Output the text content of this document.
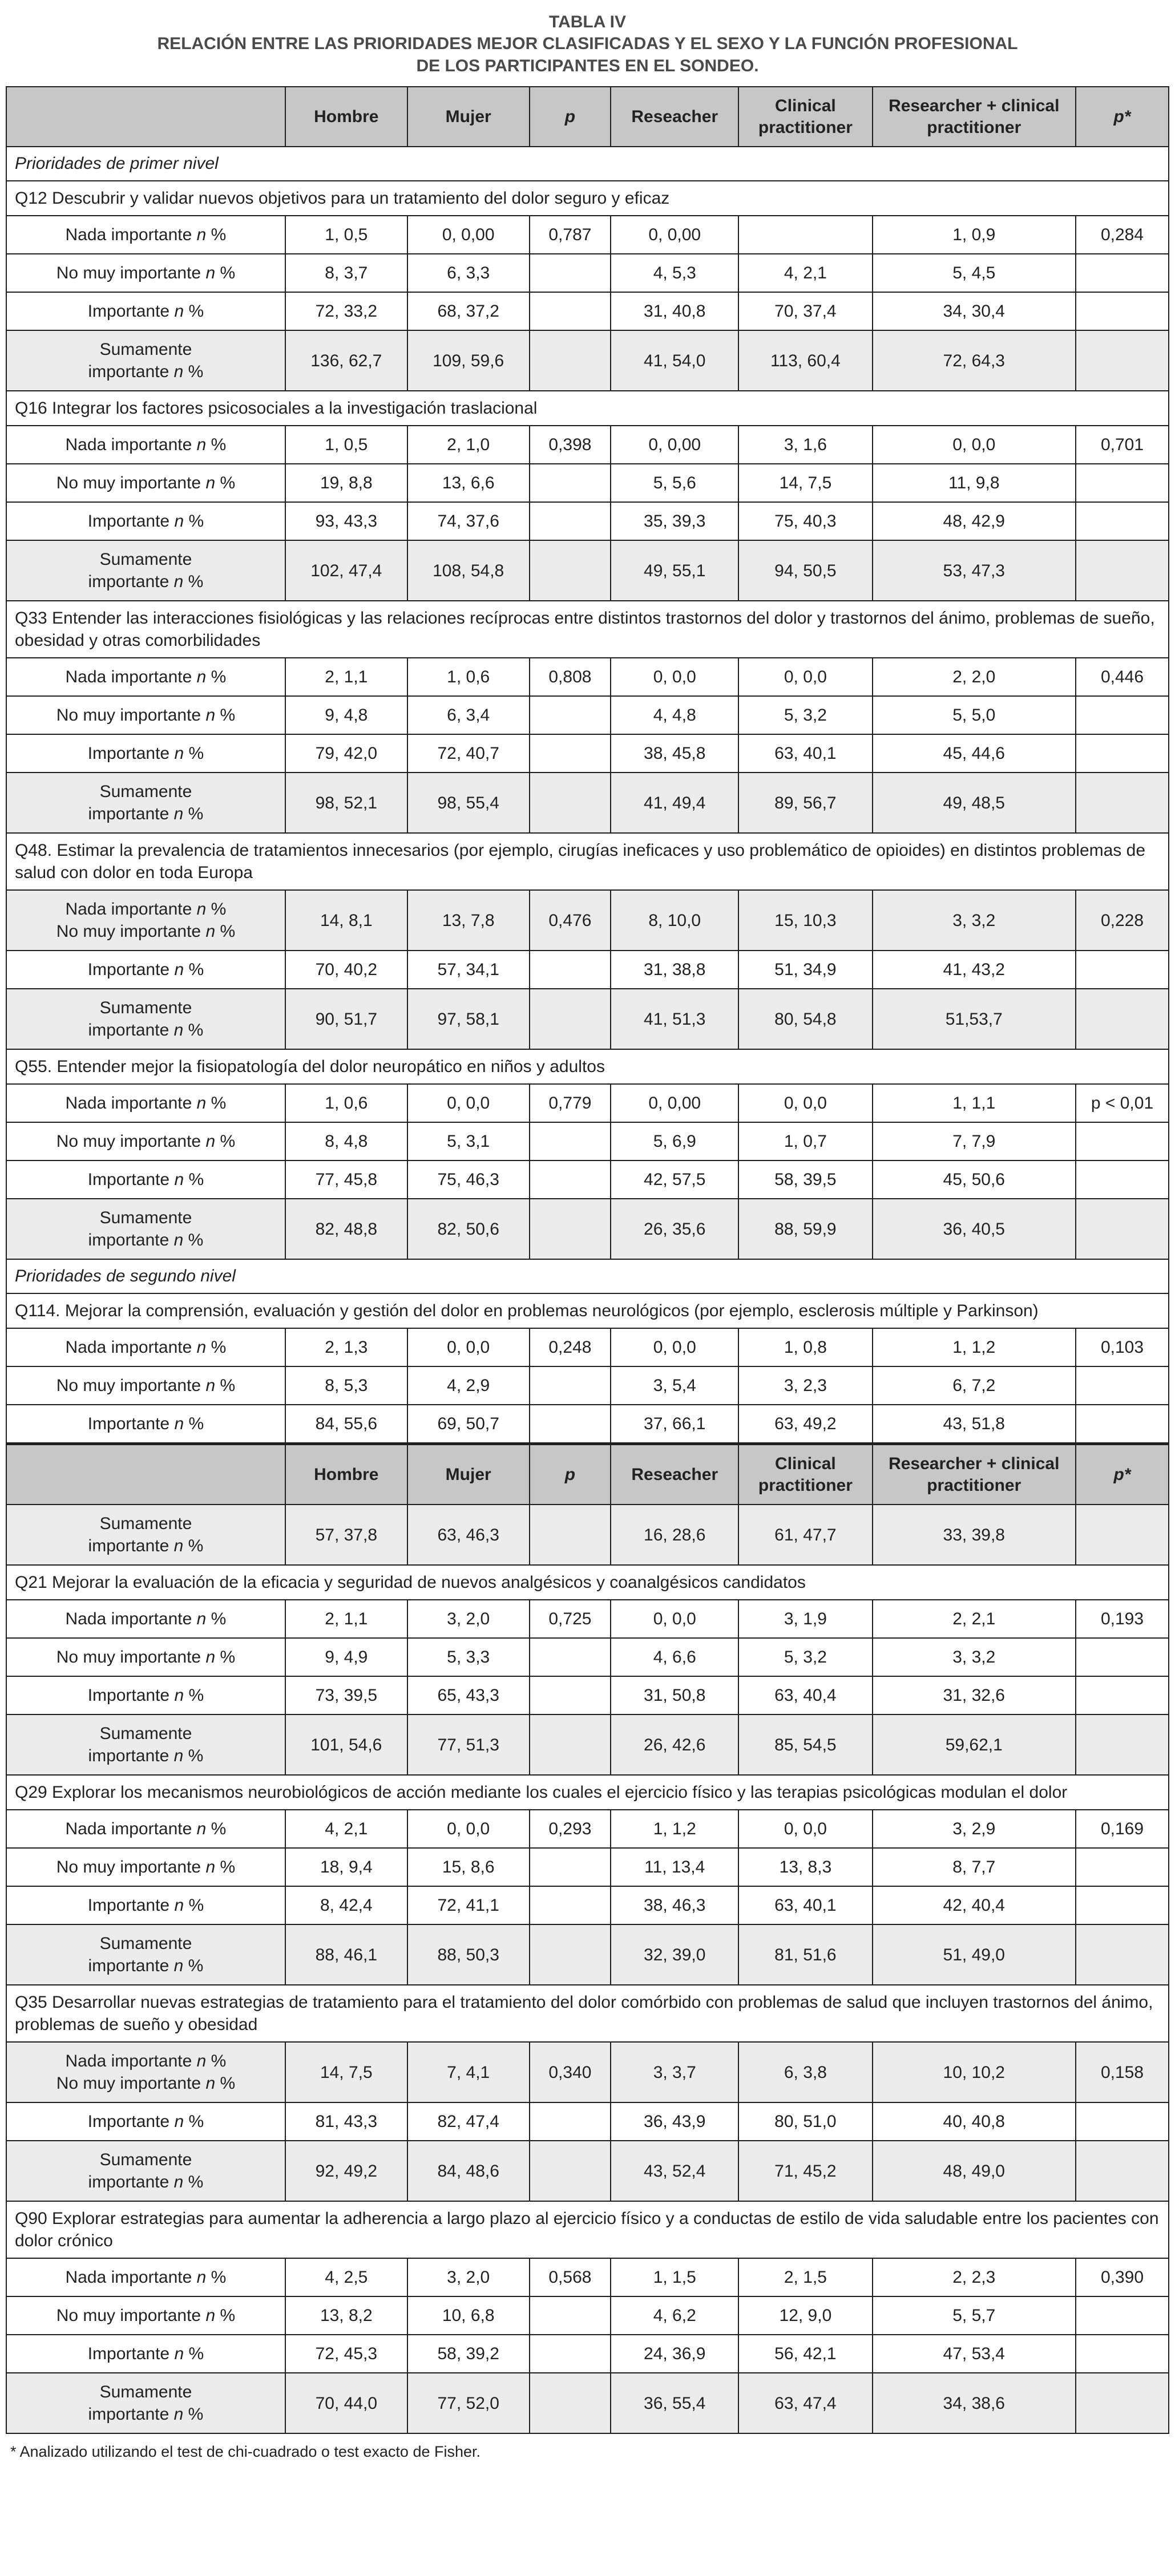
TABLA IV
RELACIÓN ENTRE LAS PRIORIDADES MEJOR CLASIFICADAS Y EL SEXO Y LA FUNCIÓN PROFESIONAL
DE LOS PARTICIPANTES EN EL SONDEO.
	Hombre	Mujer	p	Reseacher	Clinical practitioner	Researcher + clinical practitioner	p*
Prioridades de primer nivel							
Q12 Descubrir y validar nuevos objetivos para un tratamiento del dolor seguro y eficaz							
Nada importante n %	1, 0,5	0, 0,00	0,787	0, 0,00		1, 0,9	0,284
No muy importante n %	8, 3,7	6, 3,3		4, 5,3	4, 2,1	5, 4,5	
Importante n %	72, 33,2	68, 37,2		31, 40,8	70, 37,4	34, 30,4	
Sumamente
importante n %	136, 62,7	109, 59,6		41, 54,0	113, 60,4	72, 64,3	
Q16 Integrar los factores psicosociales a la investigación traslacional							
Nada importante n %	1, 0,5	2, 1,0	0,398	0, 0,00	3, 1,6	0, 0,0	0,701
No muy importante n %	19, 8,8	13, 6,6		5, 5,6	14, 7,5	11, 9,8	
Importante n %	93, 43,3	74, 37,6		35, 39,3	75, 40,3	48, 42,9	
Sumamente
importante n %	102, 47,4	108, 54,8		49, 55,1	94, 50,5	53, 47,3	
Q33 Entender las interacciones fisiológicas y las relaciones recíprocas entre distintos trastornos del dolor y trastornos del ánimo, problemas de sueño, obesidad y otras comorbilidades							
Nada importante n %	2, 1,1	1, 0,6	0,808	0, 0,0	0, 0,0	2, 2,0	0,446
No muy importante n %	9, 4,8	6, 3,4		4, 4,8	5, 3,2	5, 5,0	
Importante n %	79, 42,0	72, 40,7		38, 45,8	63, 40,1	45, 44,6	
Sumamente
importante n %	98, 52,1	98, 55,4		41, 49,4	89, 56,7	49, 48,5	
Q48. Estimar la prevalencia de tratamientos innecesarios (por ejemplo, cirugías ineficaces y uso problemático de opioides) en distintos problemas de salud con dolor en toda Europa							
Nada importante n %
No muy importante n %	14, 8,1	13, 7,8	0,476	8, 10,0	15, 10,3	3, 3,2	0,228
Importante n %	70, 40,2	57, 34,1		31, 38,8	51, 34,9	41, 43,2	
Sumamente
importante n %	90, 51,7	97, 58,1		41, 51,3	80, 54,8	51,53,7	
Q55. Entender mejor la fisiopatología del dolor neuropático en niños y adultos							
Nada importante n %	1, 0,6	0, 0,0	0,779	0, 0,00	0, 0,0	1, 1,1	p < 0,01
No muy importante n %	8, 4,8	5, 3,1		5, 6,9	1, 0,7	7, 7,9	
Importante n %	77, 45,8	75, 46,3		42, 57,5	58, 39,5	45, 50,6	
Sumamente
importante n %	82, 48,8	82, 50,6		26, 35,6	88, 59,9	36, 40,5	
Prioridades de segundo nivel							
Q114. Mejorar la comprensión, evaluación y gestión del dolor en problemas neurológicos (por ejemplo, esclerosis múltiple y Parkinson)							
Nada importante n %	2, 1,3	0, 0,0	0,248	0, 0,0	1, 0,8	1, 1,2	0,103
No muy importante n %	8, 5,3	4, 2,9		3, 5,4	3, 2,3	6, 7,2	
Importante n %	84, 55,6	69, 50,7		37, 66,1	63, 49,2	43, 51,8	
	Hombre	Mujer	p	Reseacher	Clinical practitioner	Researcher + clinical practitioner	p*
Sumamente
importante n %	57, 37,8	63, 46,3		16, 28,6	61, 47,7	33, 39,8	
Q21 Mejorar la evaluación de la eficacia y seguridad de nuevos analgésicos y coanalgésicos candidatos							
Nada importante n %	2, 1,1	3, 2,0	0,725	0, 0,0	3, 1,9	2, 2,1	0,193
No muy importante n %	9, 4,9	5, 3,3		4, 6,6	5, 3,2	3, 3,2	
Importante n %	73, 39,5	65, 43,3		31, 50,8	63, 40,4	31, 32,6	
Sumamente
importante n %	101, 54,6	77, 51,3		26, 42,6	85, 54,5	59,62,1	
Q29 Explorar los mecanismos neurobiológicos de acción mediante los cuales el ejercicio físico y las terapias psicológicas modulan el dolor							
Nada importante n %	4, 2,1	0, 0,0	0,293	1, 1,2	0, 0,0	3, 2,9	0,169
No muy importante n %	18, 9,4	15, 8,6		11, 13,4	13, 8,3	8, 7,7	
Importante n %	8, 42,4	72, 41,1		38, 46,3	63, 40,1	42, 40,4	
Sumamente
importante n %	88, 46,1	88, 50,3		32, 39,0	81, 51,6	51, 49,0	
Q35 Desarrollar nuevas estrategias de tratamiento para el tratamiento del dolor comórbido con problemas de salud que incluyen trastornos del ánimo, problemas de sueño y obesidad							
Nada importante n %
No muy importante n %	14, 7,5	7, 4,1	0,340	3, 3,7	6, 3,8	10, 10,2	0,158
Importante n %	81, 43,3	82, 47,4		36, 43,9	80, 51,0	40, 40,8	
Sumamente
importante n %	92, 49,2	84, 48,6		43, 52,4	71, 45,2	48, 49,0	
Q90 Explorar estrategias para aumentar la adherencia a largo plazo al ejercicio físico y a conductas de estilo de vida saludable entre los pacientes con dolor crónico							
Nada importante n %	4, 2,5	3, 2,0	0,568	1, 1,5	2, 1,5	2, 2,3	0,390
No muy importante n %	13, 8,2	10, 6,8		4, 6,2	12, 9,0	5, 5,7	
Importante n %	72, 45,3	58, 39,2		24, 36,9	56, 42,1	47, 53,4	
Sumamente
importante n %	70, 44,0	77, 52,0		36, 55,4	63, 47,4	34, 38,6	
* Analizado utilizando el test de chi-cuadrado o test exacto de Fisher.
